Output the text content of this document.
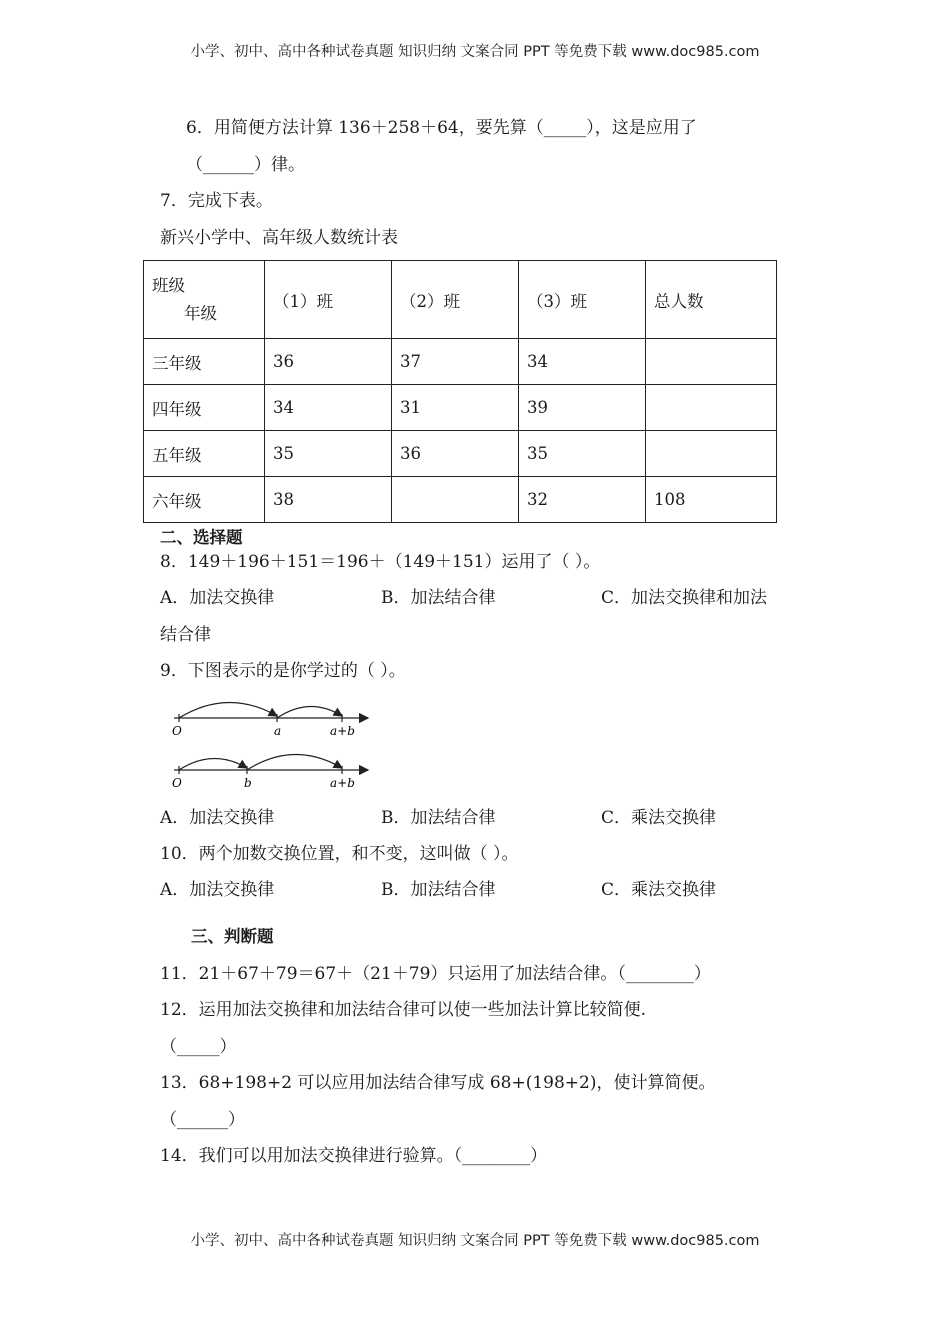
小学、初中、高中各种试卷真题 知识归纳 文案合同 PPT 等免费下载 www.doc985.com
6．用简便方法计算 136＋258＋64，要先算（_____），这是应用了
（______）律。
7．完成下表。
新兴小学中、高年级人数统计表
班级
年级	（1）班	（2）班	（3）班	总人数
三年级	36	37	34	
四年级	34	31	39	
五年级	35	36	35	
六年级	38		32	108
二、选择题
8．149＋196＋151＝196＋（149＋151）运用了（ ）。
A．加法交换律	B．加法结合律	C．加法交换律和加法
结合律
9．下图表示的是你学过的（ ）。
O	a	a+b
O	b	a+b
A．加法交换律	B．加法结合律	C．乘法交换律
10．两个加数交换位置，和不变，这叫做（ ）。
A．加法交换律	B．加法结合律	C．乘法交换律
三、判断题
11．21＋67＋79＝67＋（21＋79）只运用了加法结合律。（________）
12．运用加法交换律和加法结合律可以使一些加法计算比较简便.
（_____）
13．68+198+2 可以应用加法结合律写成 68+(198+2)，使计算简便。
（______）
14．我们可以用加法交换律进行验算。（________）
小学、初中、高中各种试卷真题 知识归纳 文案合同 PPT 等免费下载 www.doc985.com
